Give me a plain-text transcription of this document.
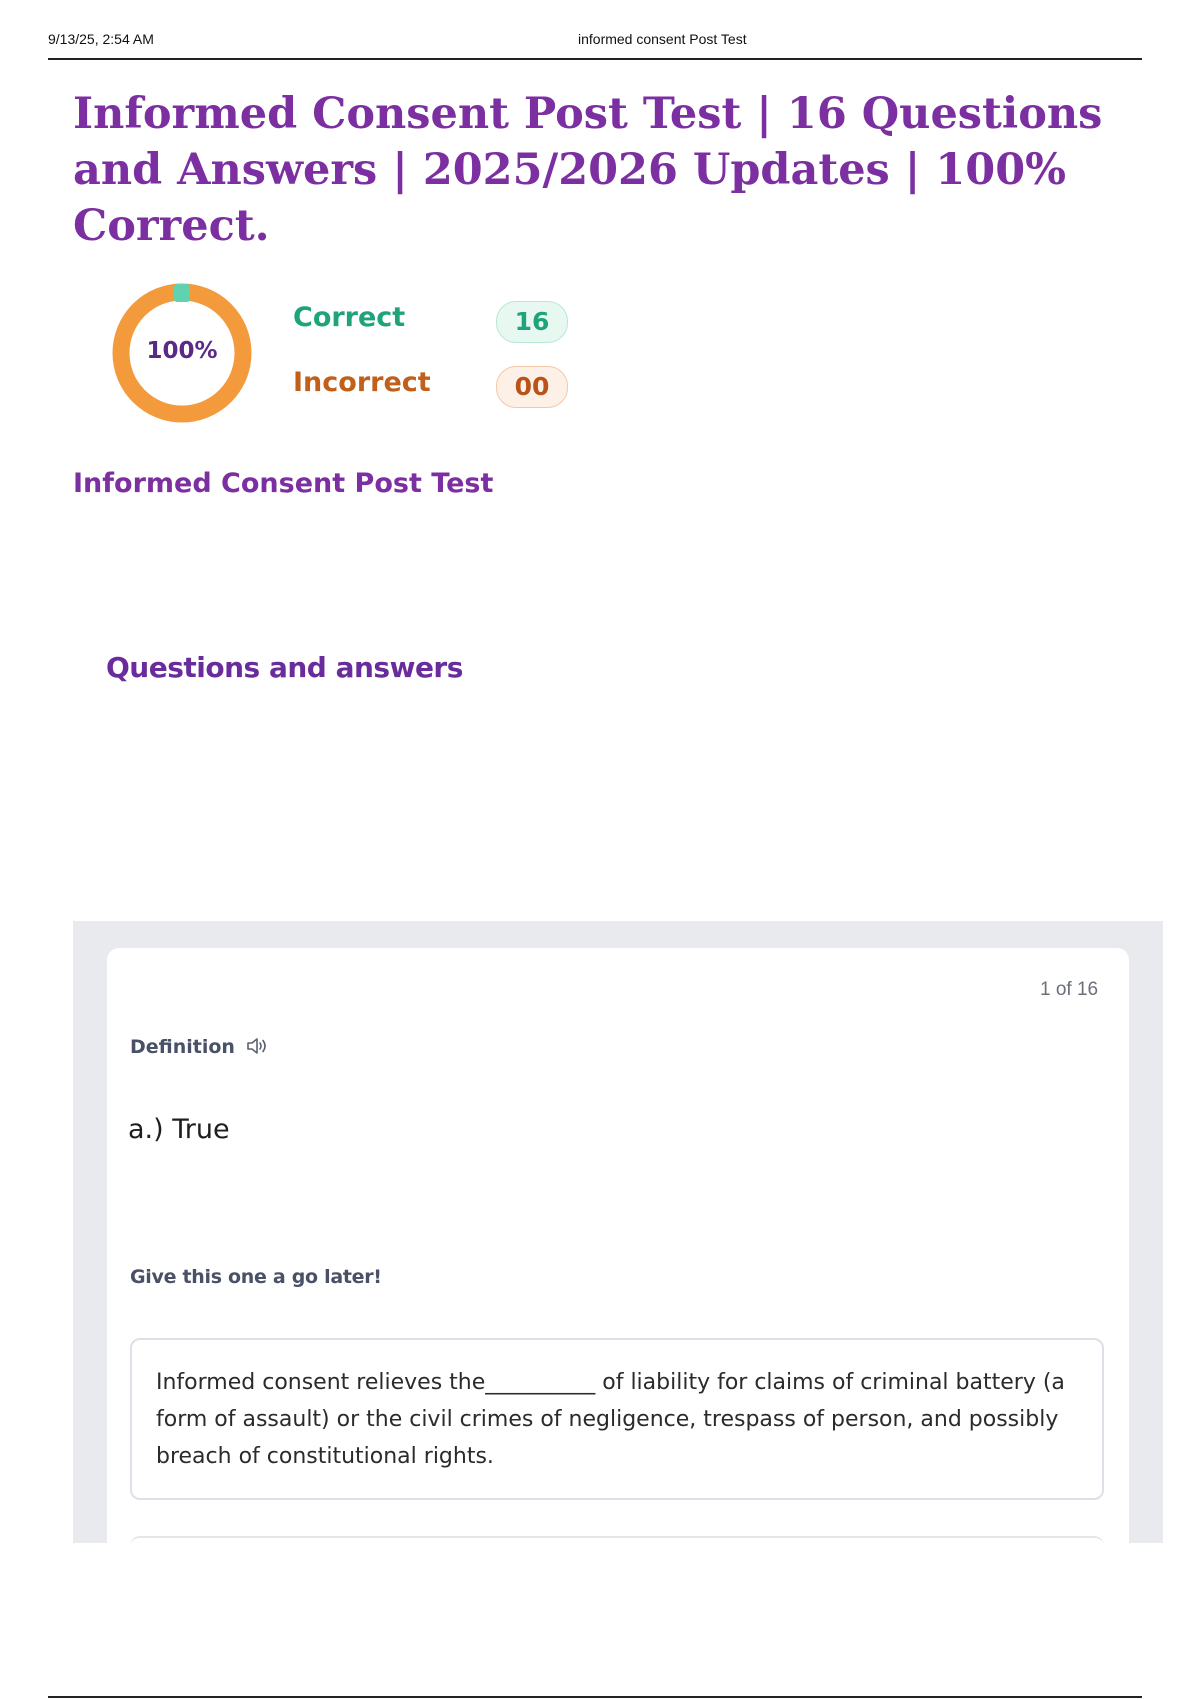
9/13/25, 2:54 AM	informed consent Post Test
Informed Consent Post Test | 16 Questions and Answers | 2025/2026 Updates | 100% Correct.
100%
Correct	16
Incorrect	00
Informed Consent Post Test
Questions and answers
1 of 16
Definition
a.) True
Give this one a go later!

Informed consent relieves the__________ of liability for claims of criminal battery (a form of assault) or the civil crimes of negligence, trespass of person, and possibly breach of constitutional rights.
